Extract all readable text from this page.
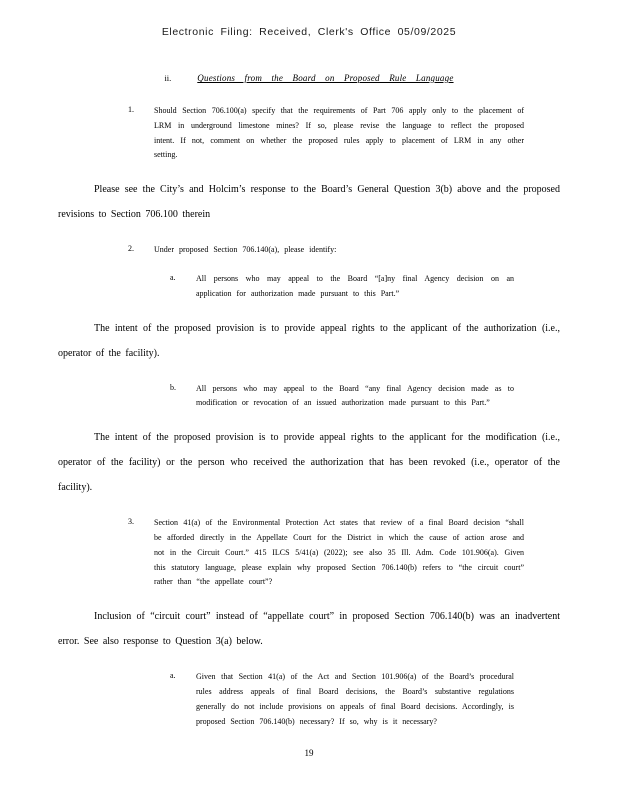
Electronic Filing: Received, Clerk's Office 05/09/2025
ii.	Questions from the Board on Proposed Rule Language
1.	Should Section 706.100(a) specify that the requirements of Part 706 apply only to the placement of LRM in underground limestone mines? If so, please revise the language to reflect the proposed intent. If not, comment on whether the proposed rules apply to placement of LRM in any other setting.
Please see the City’s and Holcim’s response to the Board’s General Question 3(b) above and the proposed revisions to Section 706.100 therein
2.	Under proposed Section 706.140(a), please identify:
a.	All persons who may appeal to the Board “[a]ny final Agency decision on an application for authorization made pursuant to this Part.”
The intent of the proposed provision is to provide appeal rights to the applicant of the authorization (i.e., operator of the facility).
b.	All persons who may appeal to the Board “any final Agency decision made as to modification or revocation of an issued authorization made pursuant to this Part.”
The intent of the proposed provision is to provide appeal rights to the applicant for the modification (i.e., operator of the facility) or the person who received the authorization that has been revoked (i.e., operator of the facility).
3.	Section 41(a) of the Environmental Protection Act states that review of a final Board decision “shall be afforded directly in the Appellate Court for the District in which the cause of action arose and not in the Circuit Court.” 415 ILCS 5/41(a) (2022); see also 35 Ill. Adm. Code 101.906(a). Given this statutory language, please explain why proposed Section 706.140(b) refers to “the circuit court” rather than “the appellate court”?
Inclusion of “circuit court” instead of “appellate court” in proposed Section 706.140(b) was an inadvertent error. See also response to Question 3(a) below.
a.	Given that Section 41(a) of the Act and Section 101.906(a) of the Board’s procedural rules address appeals of final Board decisions, the Board’s substantive regulations generally do not include provisions on appeals of final Board decisions. Accordingly, is proposed Section 706.140(b) necessary? If so, why is it necessary?
19
